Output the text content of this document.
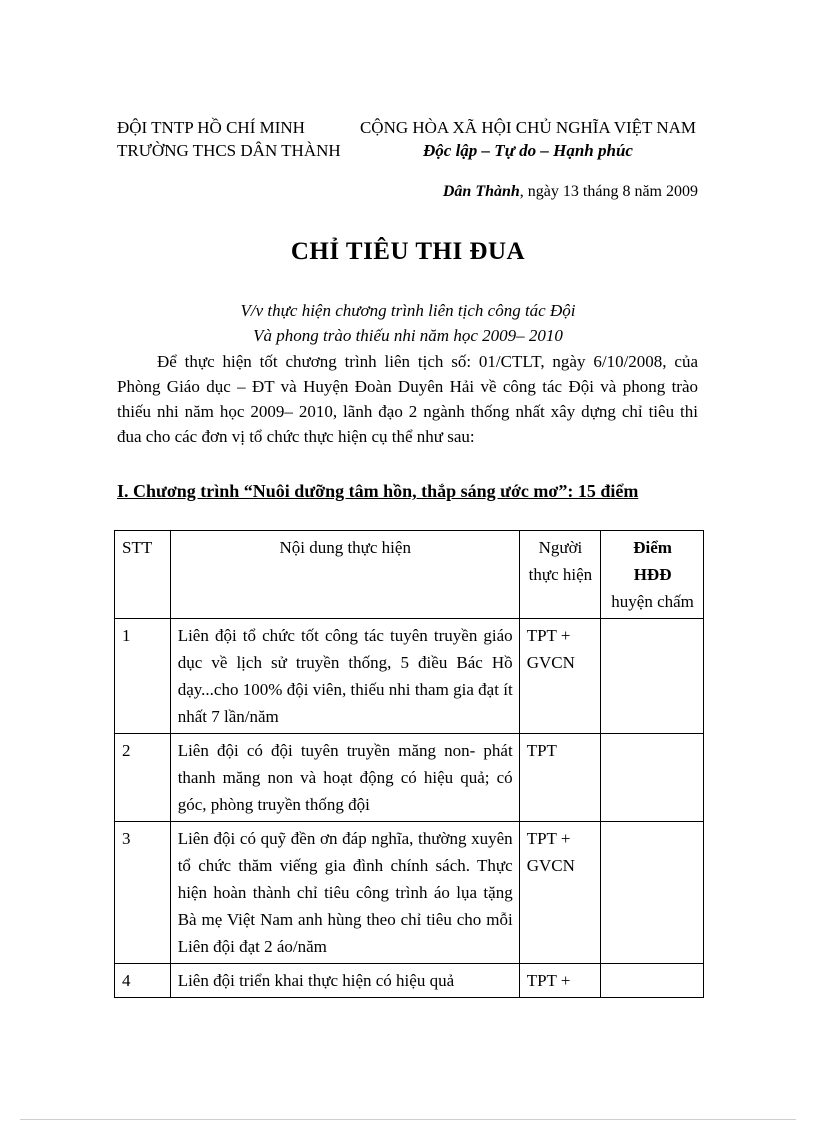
ĐỘI TNTP HỒ CHÍ MINH
TRƯỜNG THCS DÂN THÀNH
CỘNG HÒA XÃ HỘI CHỦ NGHĨA VIỆT NAM
Độc lập – Tự do – Hạnh phúc
Dân Thành, ngày 13 tháng 8 năm 2009
CHỈ TIÊU THI ĐUA
V/v thực hiện chương trình liên tịch công tác Đội
Và phong trào thiếu nhi năm học 2009– 2010

Để thực hiện tốt chương trình liên tịch số: 01/CTLT, ngày 6/10/2008, của Phòng Giáo dục – ĐT và Huyện Đoàn Duyên Hải về công tác Đội và phong trào thiếu nhi năm học 2009– 2010, lãnh đạo 2 ngành thống nhất xây dựng chỉ tiêu thi đua cho các đơn vị tổ chức thực hiện cụ thể như sau:

I. Chương trình “Nuôi dưỡng tâm hồn, thắp sáng ước mơ”: 15 điểm
STT	Nội dung thực hiện	Người thực hiện	Điểm
HĐĐ
huyện chấm

1	Liên đội tổ chức tốt công tác tuyên truyền giáo dục về lịch sử truyền thống, 5 điều Bác Hồ dạy...cho 100% đội viên, thiếu nhi tham gia đạt ít nhất 7 lần/năm	TPT + GVCN	
2	Liên đội có đội tuyên truyền măng non- phát thanh măng non và hoạt động có hiệu quả; có góc, phòng truyền thống đội	TPT	
3	Liên đội có quỹ đền ơn đáp nghĩa, thường xuyên tổ chức thăm viếng gia đình chính sách. Thực hiện hoàn thành chỉ tiêu công trình áo lụa tặng Bà mẹ Việt Nam anh hùng theo chỉ tiêu cho mỗi Liên đội đạt 2 áo/năm	TPT + GVCN	
4	Liên đội triển khai thực hiện có hiệu quả	TPT +	
